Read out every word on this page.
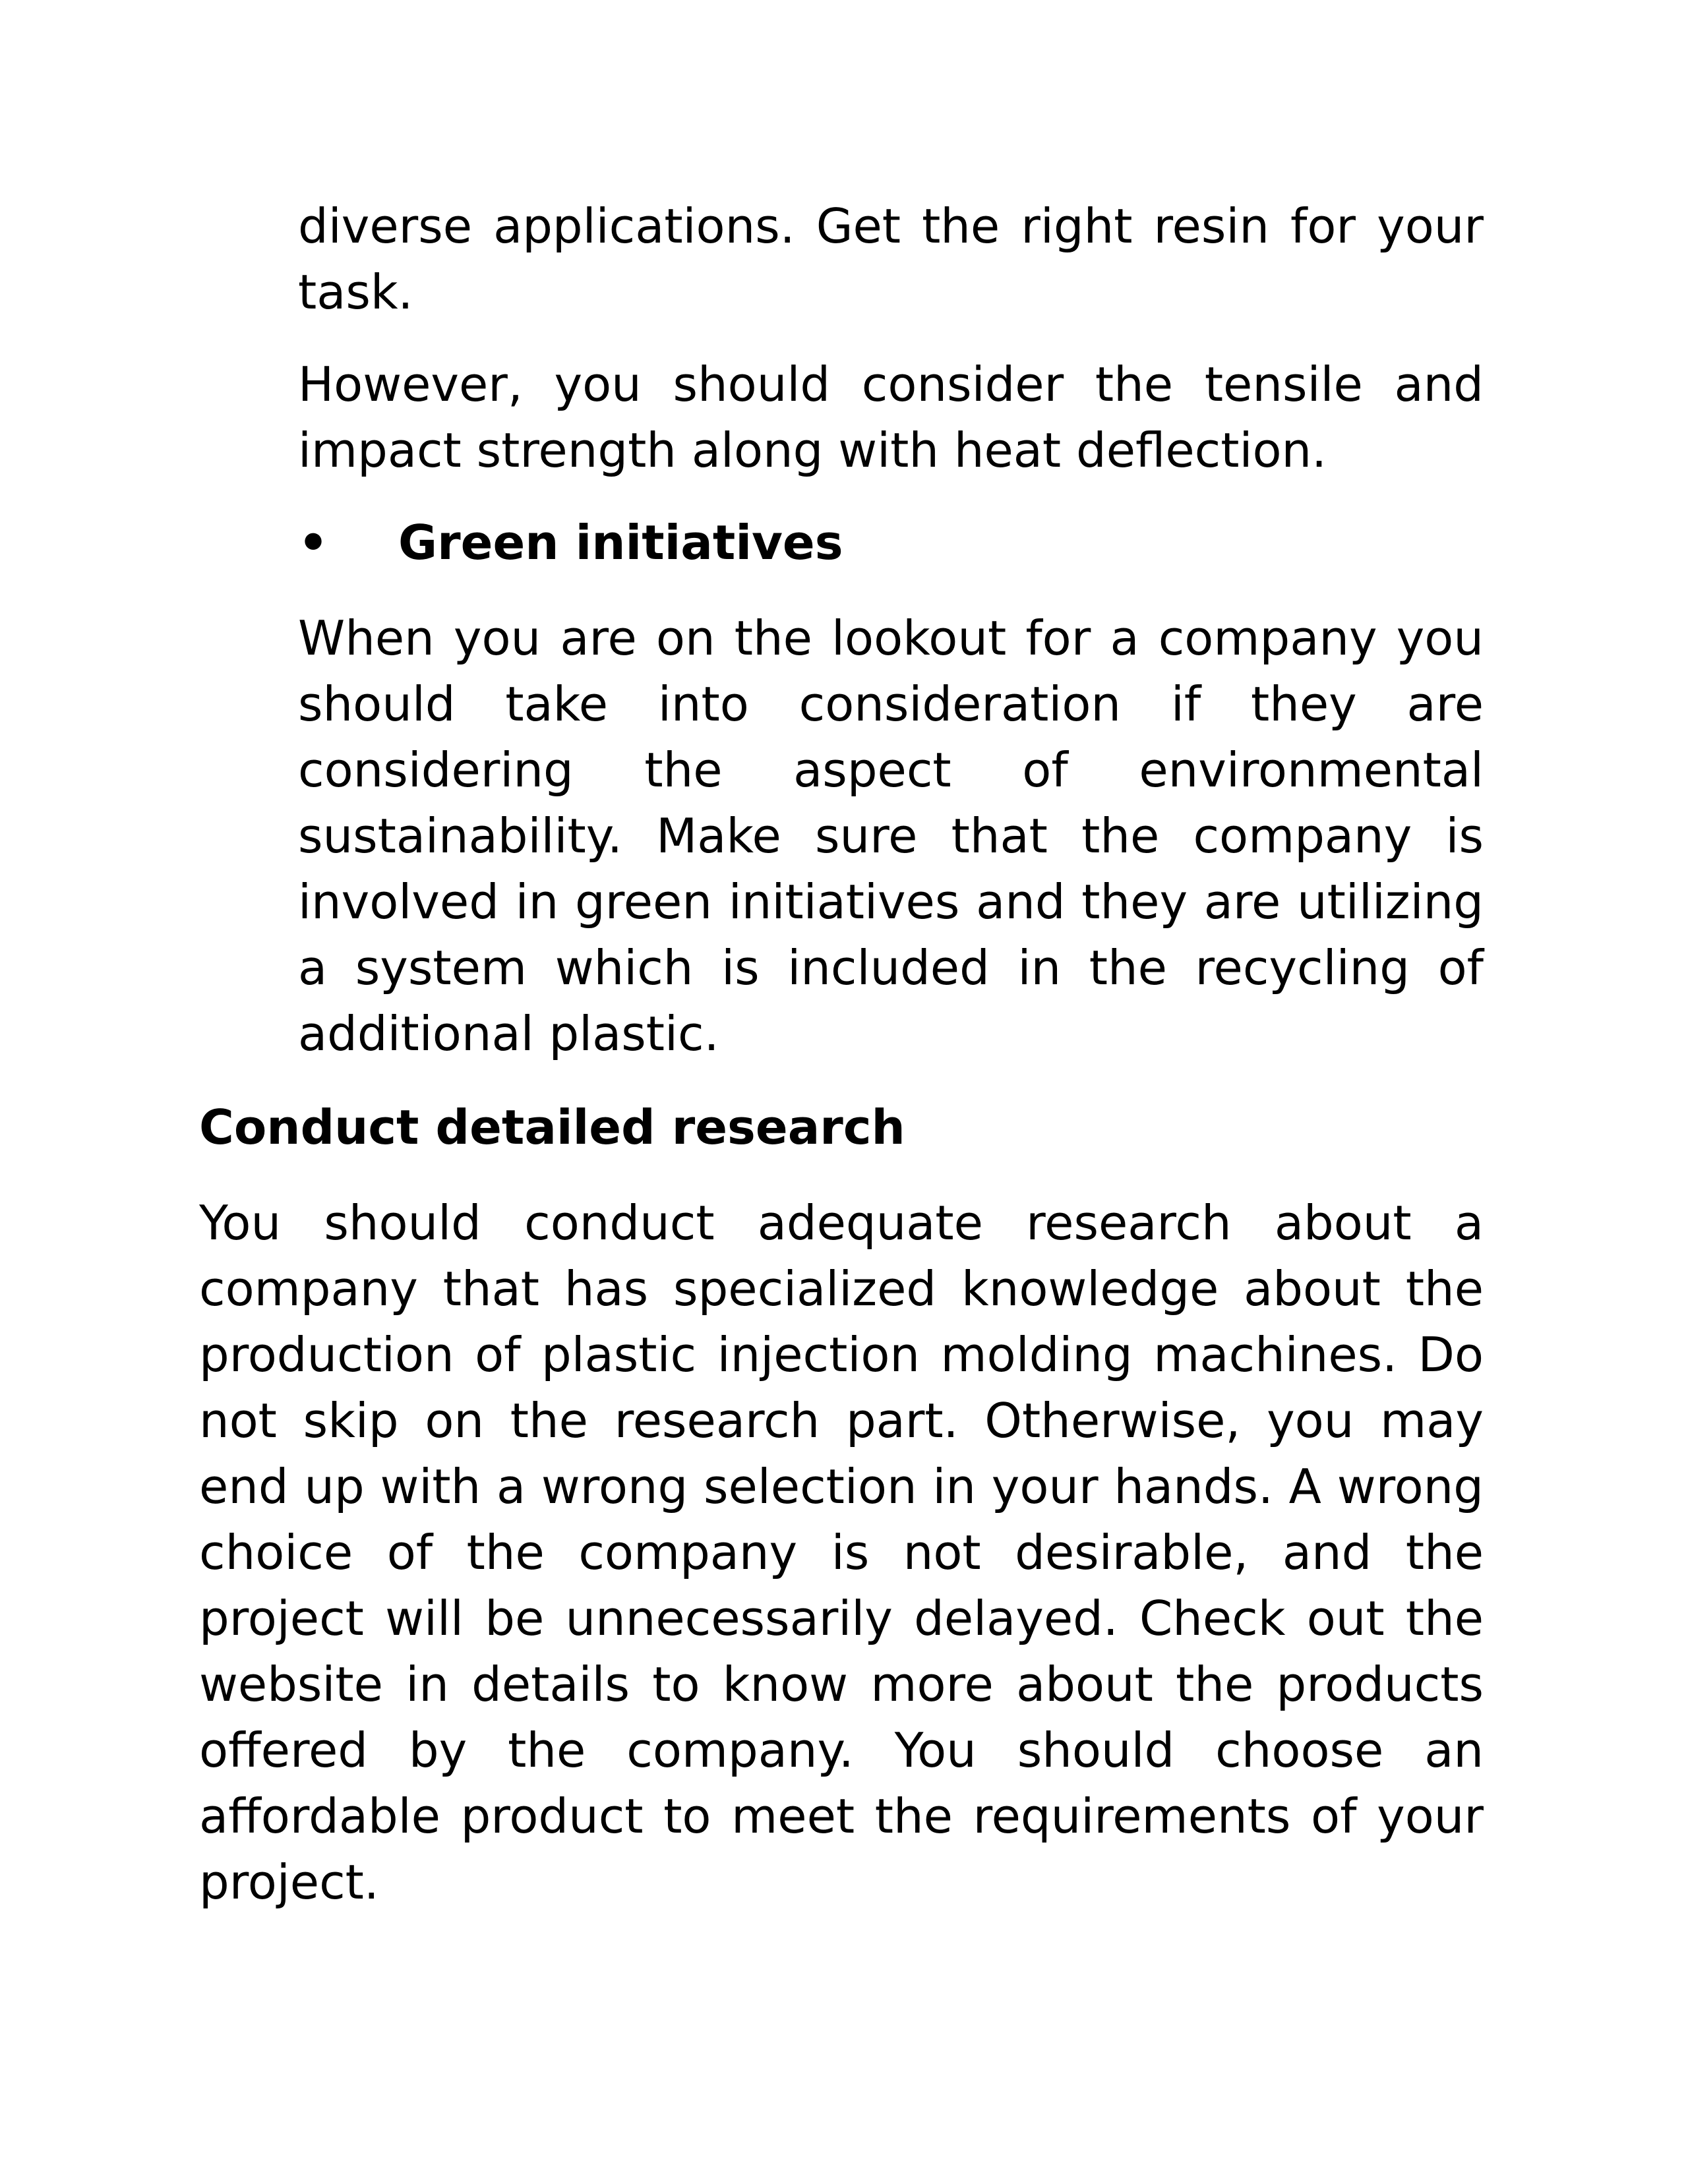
diverse applications. Get the right resin for your task.

However, you should consider the tensile and impact strength along with heat deflection.

• Green initiatives

When you are on the lookout for a company you should take into consideration if they are considering the aspect of environmental sustainability. Make sure that the company is involved in green initiatives and they are utilizing a system which is included in the recycling of additional plastic.

Conduct detailed research

You should conduct adequate research about a company that has specialized knowledge about the production of plastic injection molding machines. Do not skip on the research part. Otherwise, you may end up with a wrong selection in your hands. A wrong choice of the company is not desirable, and the project will be unnecessarily delayed. Check out the website in details to know more about the products offered by the company. You should choose an affordable product to meet the requirements of your project.
